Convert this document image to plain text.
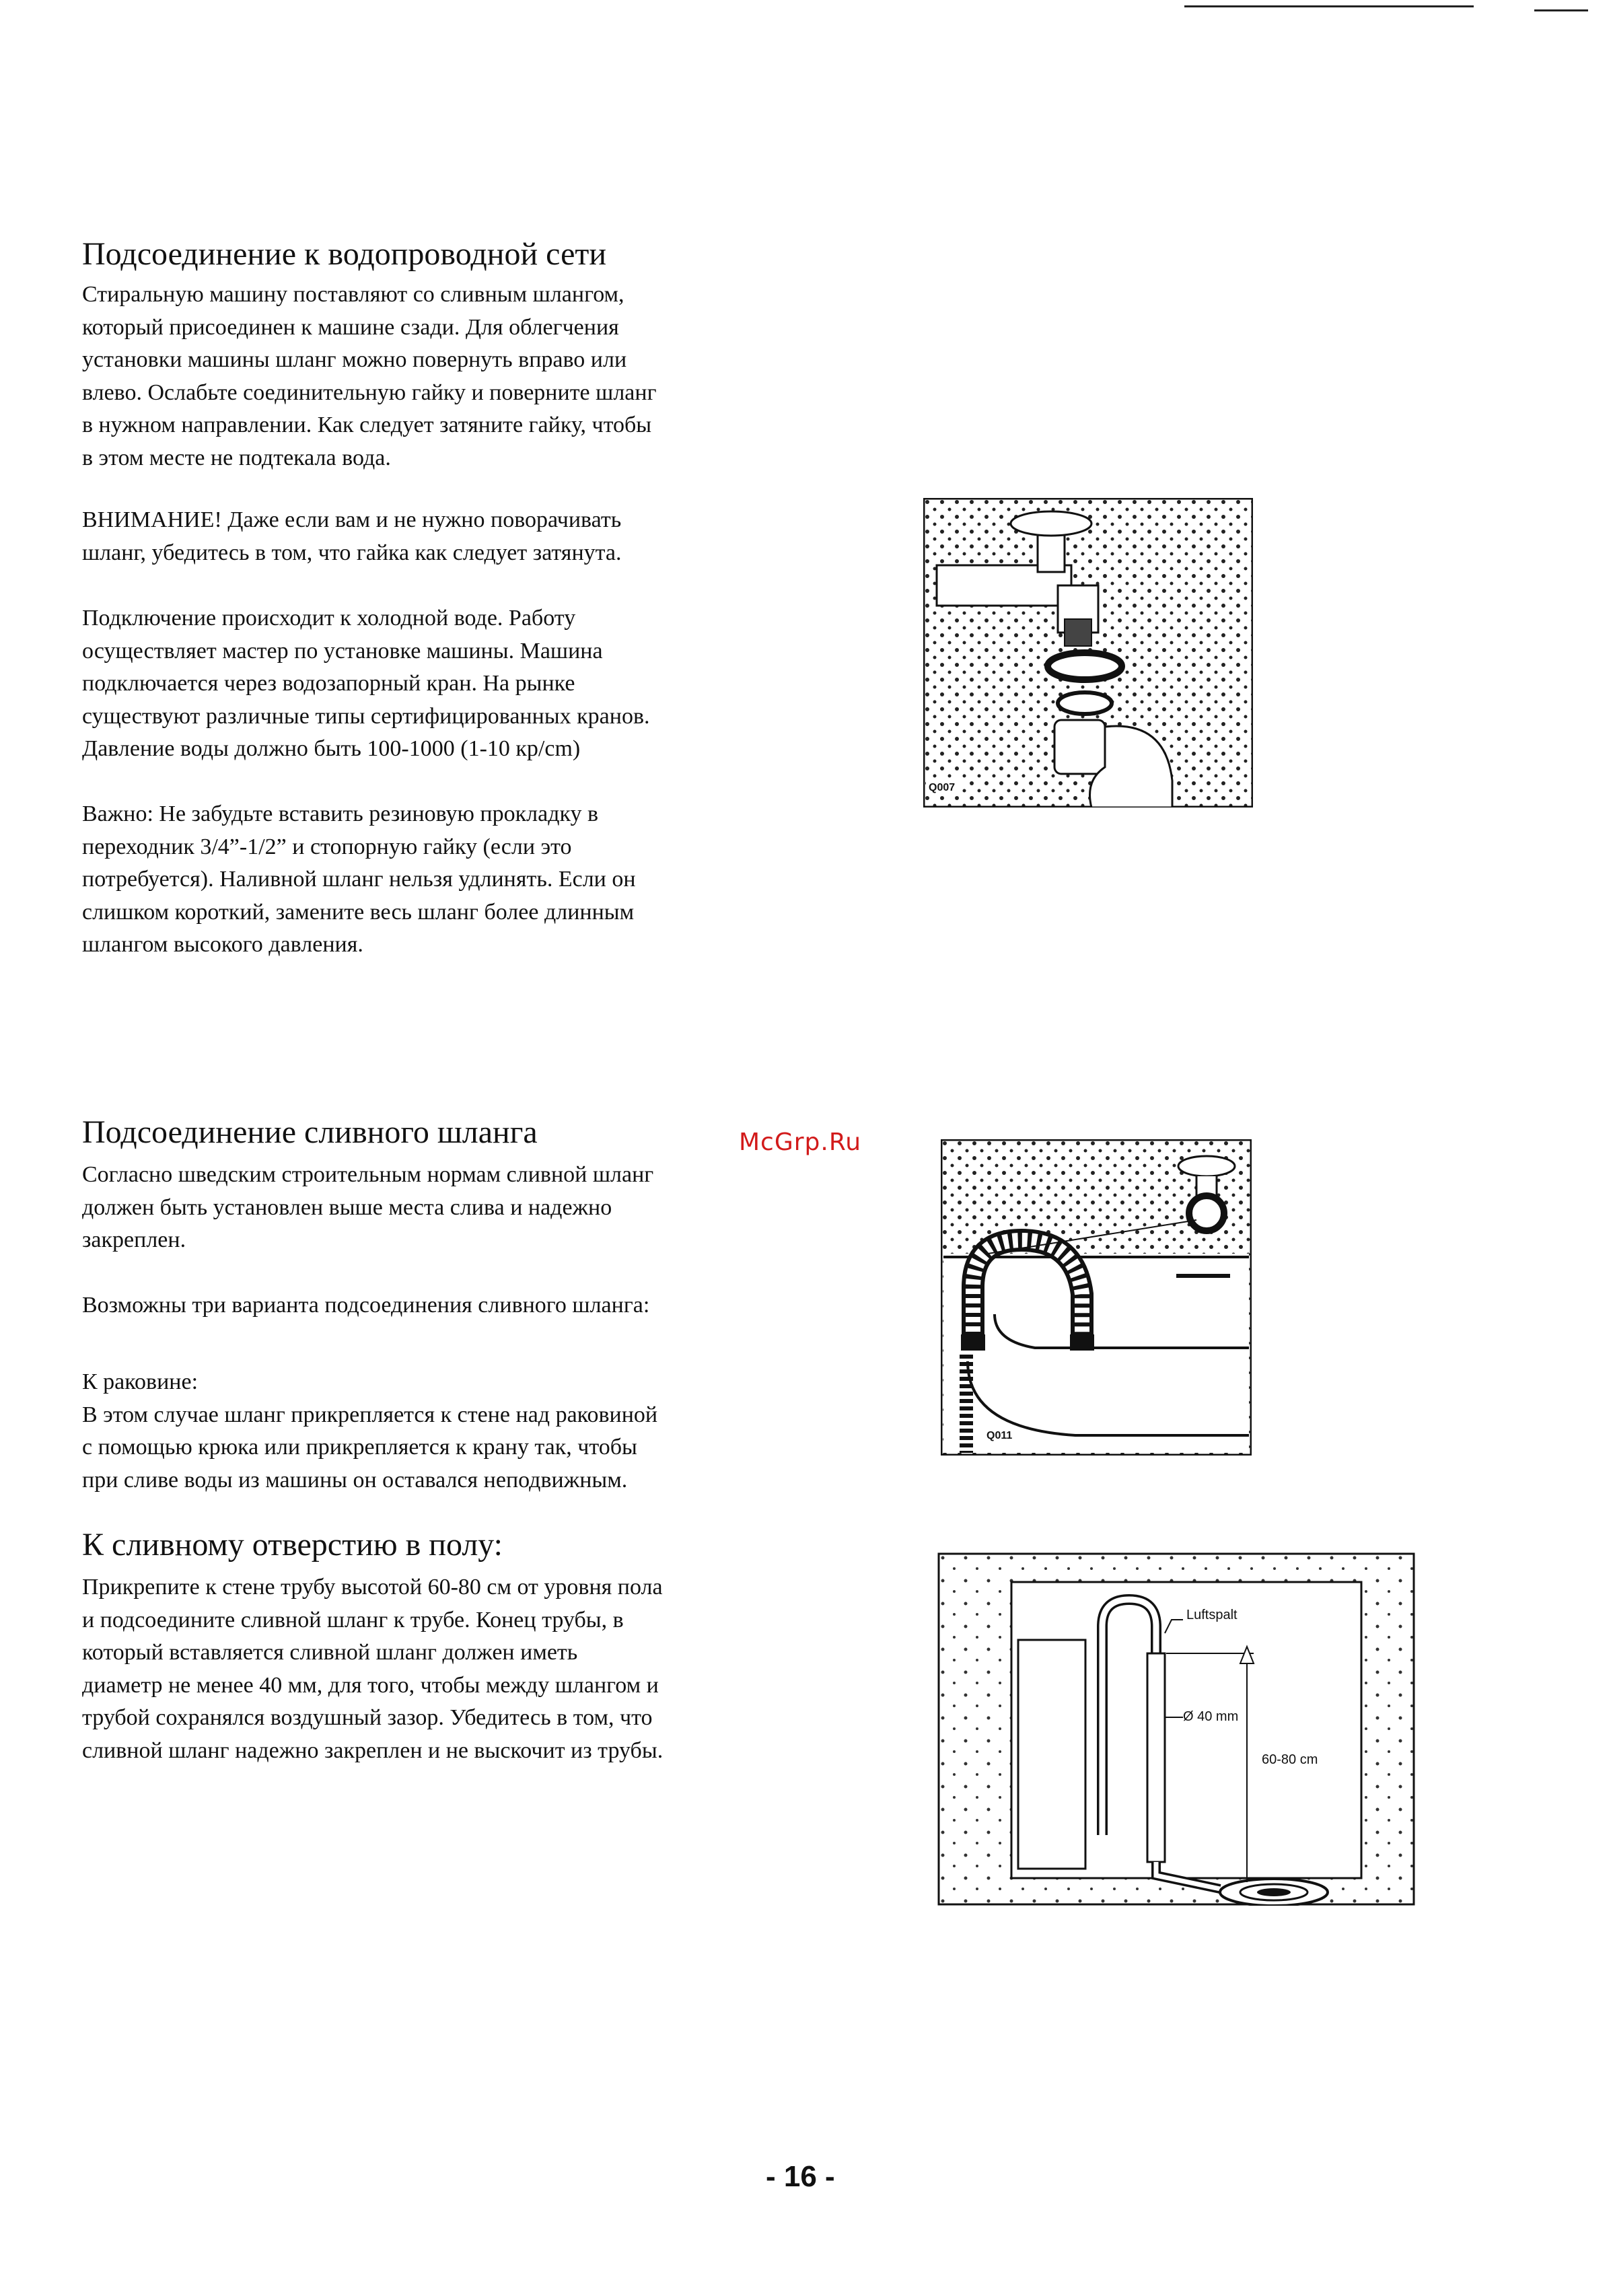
Подсоединение к водопроводной сети

Стиральную машину поставляют со сливным шлангом,
который присоединен к машине сзади. Для облегчения
установки машины шланг можно повернуть вправо или
влево. Ослабьте соединительную гайку и поверните шланг
в нужном направлении. Как следует затяните гайку, чтобы
в этом месте не подтекала вода.

ВНИМАНИЕ! Даже если вам и не нужно поворачивать
шланг, убедитесь в том, что гайка как следует затянута.

Подключение происходит к холодной воде. Работу
осуществляет мастер по установке машины. Машина
подключается через водозапорный кран. На рынке
существуют различные типы сертифицированных кранов.
Давление воды должно быть 100-1000 (1-10 кр/cm)

Важно: Не забудьте вставить резиновую прокладку в
переходник 3/4”-1/2” и стопорную гайку (если это
потребуется). Наливной шланг нельзя удлинять. Если он
слишком короткий, замените весь шланг более длинным
шлангом высокого давления.

Q007
McGrp.Ru
Подсоединение сливного шланга

Согласно шведским строительным нормам сливной шланг
должен быть установлен выше места слива и надежно
закреплен.

Возможны три варианта подсоединения сливного шланга:

К раковине:
В этом случае шланг прикрепляется к стене над раковиной
с помощью крюка или прикрепляется к крану так, чтобы
при сливе воды из машины он оставался неподвижным.

Q011
К сливному отверстию в полу:

Прикрепите к стене трубу высотой 60-80 см от уровня пола
и подсоедините сливной шланг к трубе. Конец трубы, в
который вставляется сливной шланг должен иметь
диаметр не менее 40 мм, для того, чтобы между шлангом и
трубой сохранялся воздушный зазор. Убедитесь в том, что
сливной шланг надежно закреплен и не выскочит из трубы.

Luftspalt
Ø 40 mm
60-80 cm
- 16 -
